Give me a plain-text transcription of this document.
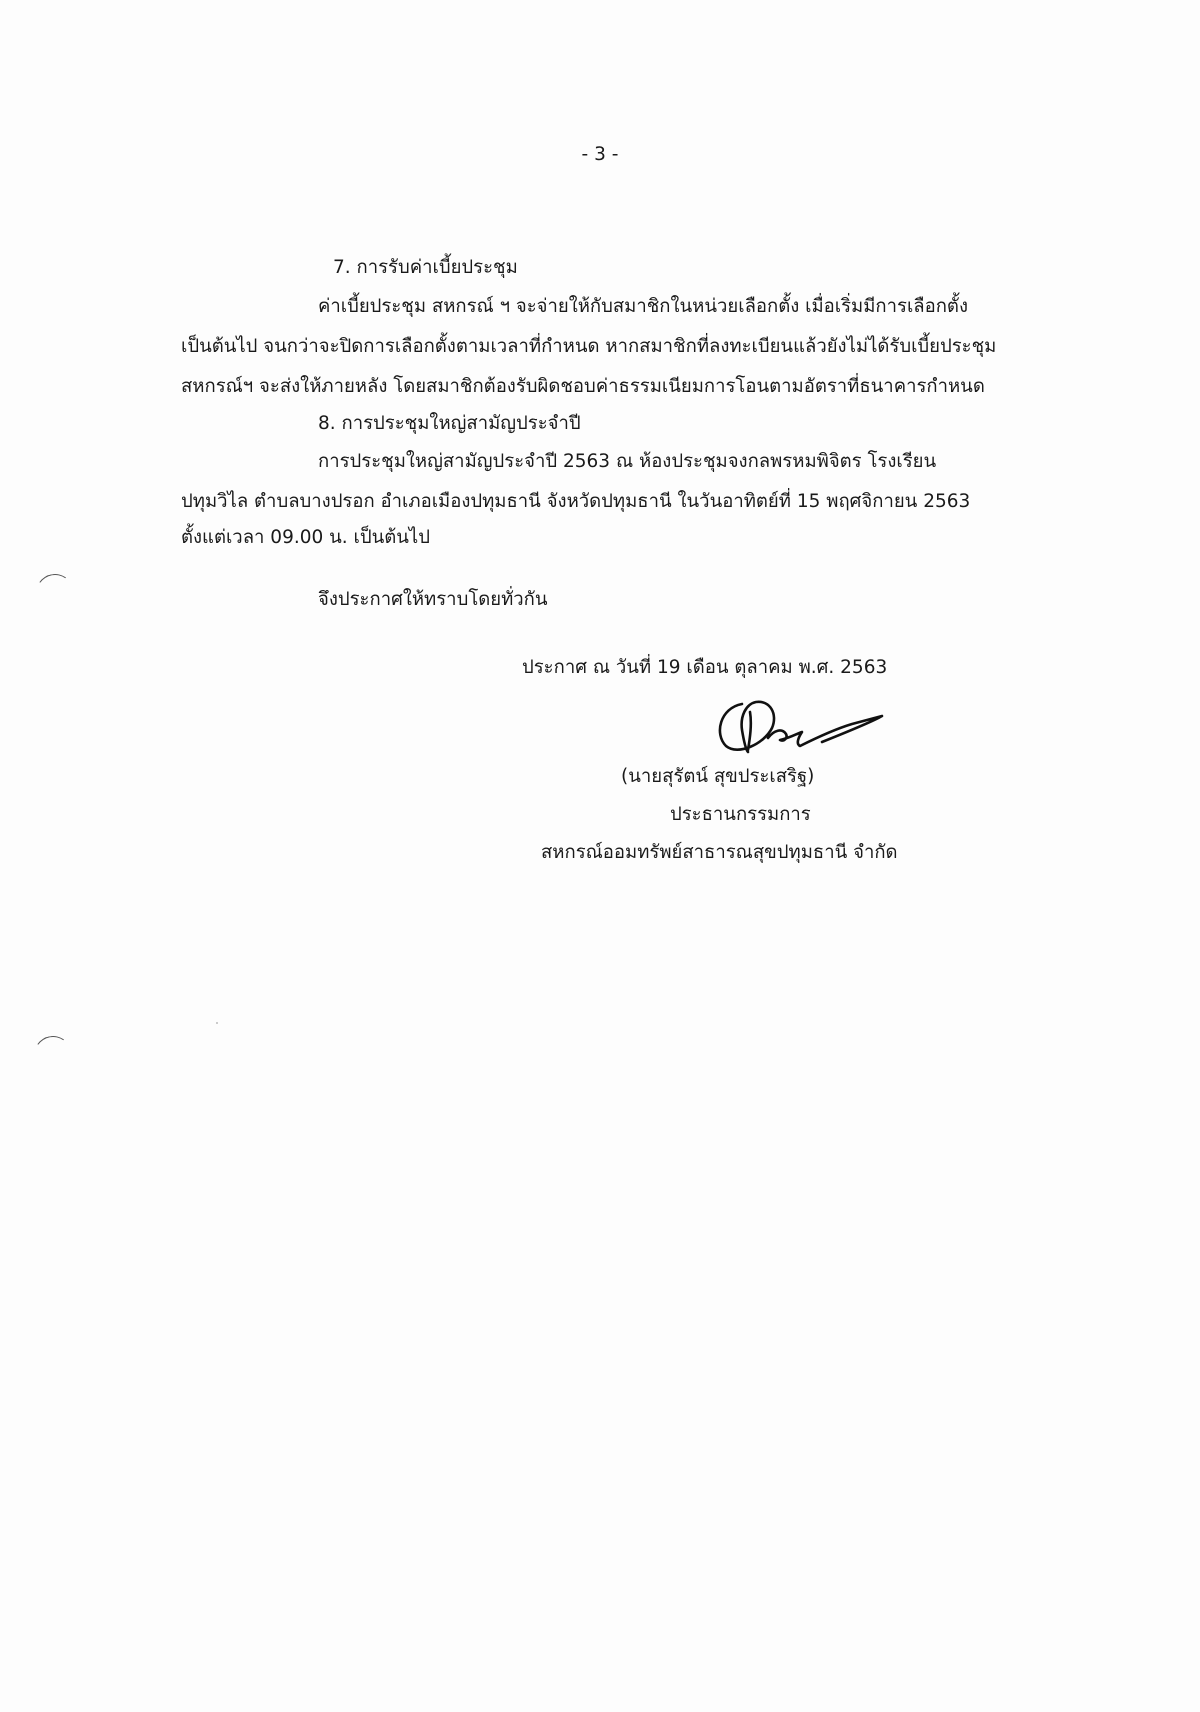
- 3 -
7. การรับค่าเบี้ยประชุม
ค่าเบี้ยประชุม สหกรณ์ ฯ จะจ่ายให้กับสมาชิกในหน่วยเลือกตั้ง เมื่อเริ่มมีการเลือกตั้ง
เป็นต้นไป จนกว่าจะปิดการเลือกตั้งตามเวลาที่กำหนด หากสมาชิกที่ลงทะเบียนแล้วยังไม่ได้รับเบี้ยประชุม
สหกรณ์ฯ จะส่งให้ภายหลัง โดยสมาชิกต้องรับผิดชอบค่าธรรมเนียมการโอนตามอัตราที่ธนาคารกำหนด
8. การประชุมใหญ่สามัญประจำปี
การประชุมใหญ่สามัญประจำปี 2563 ณ ห้องประชุมจงกลพรหมพิจิตร โรงเรียน
ปทุมวิไล ตำบลบางปรอก อำเภอเมืองปทุมธานี จังหวัดปทุมธานี ในวันอาทิตย์ที่ 15 พฤศจิกายน 2563
ตั้งแต่เวลา 09.00 น. เป็นต้นไป
จึงประกาศให้ทราบโดยทั่วกัน
ประกาศ ณ วันที่ 19 เดือน ตุลาคม พ.ศ. 2563
(นายสุรัตน์ สุขประเสริฐ)
ประธานกรรมการ
สหกรณ์ออมทรัพย์สาธารณสุขปทุมธานี จำกัด
